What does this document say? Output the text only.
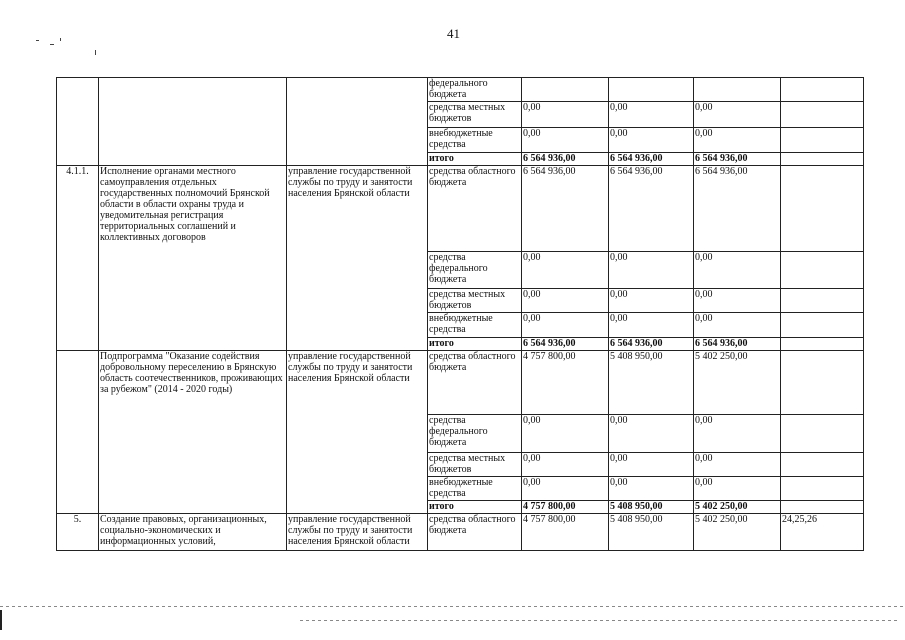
41
			федерального бюджета				
			средства местных бюджетов	0,00	0,00	0,00	
			внебюджетные средства	0,00	0,00	0,00	
			итого	6 564 936,00	6 564 936,00	6 564 936,00	
4.1.1.	Исполнение органами местного самоуправления отдельных государственных полномочий Брянской области в области охраны труда и уведомительная регистрация территориальных соглашений и коллективных договоров	управление государственной службы по труду и занятости населения Брянской области	средства областного бюджета	6 564 936,00	6 564 936,00	6 564 936,00	
			средства федерального бюджета	0,00	0,00	0,00	
			средства местных бюджетов	0,00	0,00	0,00	
			внебюджетные средства	0,00	0,00	0,00	
			итого	6 564 936,00	6 564 936,00	6 564 936,00	
	Подпрограмма "Оказание содействия добровольному переселению в Брянскую область соотечественников, проживающих за рубежом" (2014 - 2020 годы)	управление государственной службы по труду и занятости населения Брянской области	средства областного бюджета	4 757 800,00	5 408 950,00	5 402 250,00	
			средства федерального бюджета	0,00	0,00	0,00	
			средства местных бюджетов	0,00	0,00	0,00	
			внебюджетные средства	0,00	0,00	0,00	
			итого	4 757 800,00	5 408 950,00	5 402 250,00	
5.	Создание правовых, организационных, социально-экономических и информационных условий,	управление государственной службы по труду и занятости населения Брянской области	средства областного бюджета	4 757 800,00	5 408 950,00	5 402 250,00	24,25,26
